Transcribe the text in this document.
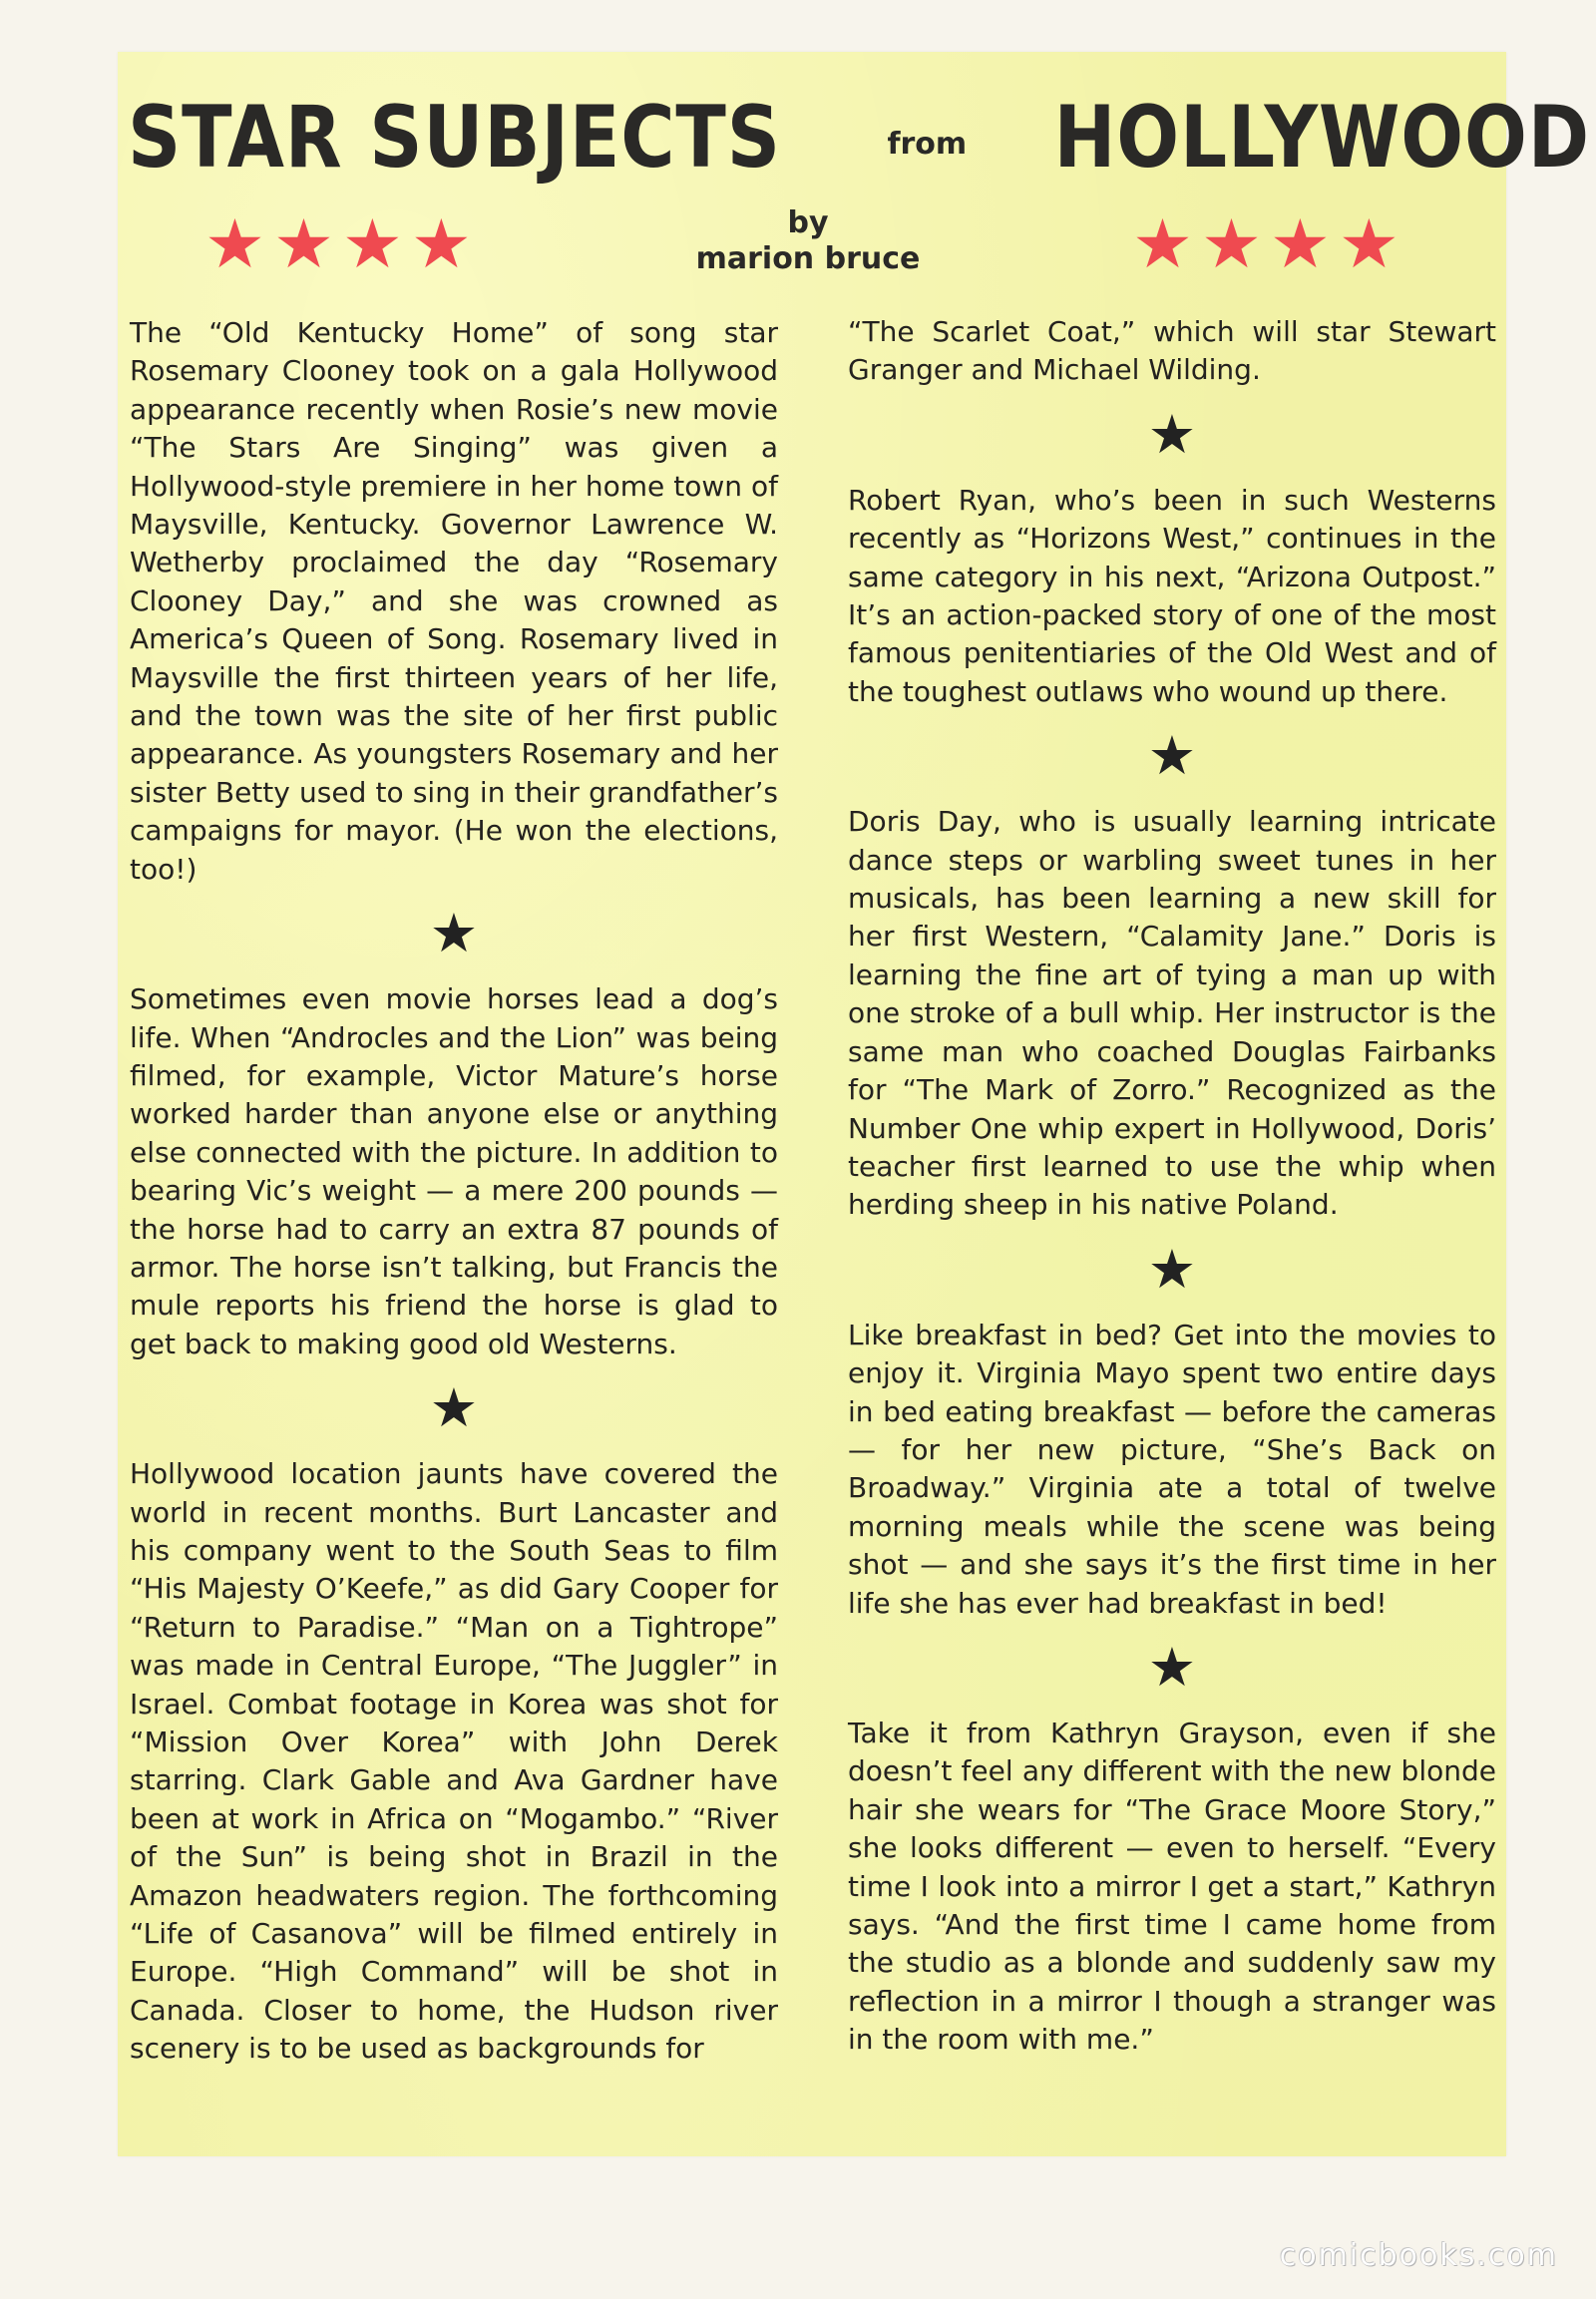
STAR SUBJECTS	from HOLLYWOOD
★★★★	★★★★
by
marion bruce

The “Old Kentucky Home” of song star Rosemary Clooney took on a gala Hollywood appearance recently when Rosie’s new movie “The Stars Are Singing” was given a Hollywood-style premiere in her home town of Maysville, Kentucky. Governor Lawrence W. Wetherby proclaimed the day “Rosemary Clooney Day,” and she was crowned as America’s Queen of Song. Rosemary lived in Maysville the first thirteen years of her life, and the town was the site of her first public appearance. As youngsters Rosemary and her sister Betty used to sing in their grandfather’s campaigns for mayor. (He won the elections, too!)

★

Sometimes even movie horses lead a dog’s life. When “Androcles and the Lion” was being filmed, for example, Victor Mature’s horse worked harder than anyone else or anything else connected with the picture. In addition to bearing Vic’s weight — a mere 200 pounds — the horse had to carry an extra 87 pounds of armor. The horse isn’t talking, but Francis the mule reports his friend the horse is glad to get back to making good old Westerns.

★

Hollywood location jaunts have covered the world in recent months. Burt Lancaster and his company went to the South Seas to film “His Majesty O’Keefe,” as did Gary Cooper for “Return to Paradise.” “Man on a Tightrope” was made in Central Europe, “The Juggler” in Israel. Combat footage in Korea was shot for “Mission Over Korea” with John Derek starring. Clark Gable and Ava Gardner have been at work in Africa on “Mogambo.” “River of the Sun” is being shot in Brazil in the Amazon headwaters region. The forthcoming “Life of Casanova” will be filmed entirely in Europe. “High Command” will be shot in Canada. Closer to home, the Hudson river scenery is to be used as backgrounds for

“The Scarlet Coat,” which will star Stewart Granger and Michael Wilding.

★

Robert Ryan, who’s been in such Westerns recently as “Horizons West,” continues in the same category in his next, “Arizona Outpost.” It’s an action-packed story of one of the most famous penitentiaries of the Old West and of the toughest outlaws who wound up there.

★

Doris Day, who is usually learning intricate dance steps or warbling sweet tunes in her musicals, has been learning a new skill for her first Western, “Calamity Jane.” Doris is learning the fine art of tying a man up with one stroke of a bull whip. Her instructor is the same man who coached Douglas Fairbanks for “The Mark of Zorro.” Recognized as the Number One whip expert in Hollywood, Doris’ teacher first learned to use the whip when herding sheep in his native Poland.

★

Like breakfast in bed? Get into the movies to enjoy it. Virginia Mayo spent two entire days in bed eating breakfast — before the cameras — for her new picture, “She’s Back on Broadway.” Virginia ate a total of twelve morning meals while the scene was being shot — and she says it’s the first time in her life she has ever had breakfast in bed!

★

Take it from Kathryn Grayson, even if she doesn’t feel any different with the new blonde hair she wears for “The Grace Moore Story,” she looks different — even to herself. “Every time I look into a mirror I get a start,” Kathryn says. “And the first time I came home from the studio as a blonde and suddenly saw my reflection in a mirror I though a stranger was in the room with me.”

comicbooks.com
